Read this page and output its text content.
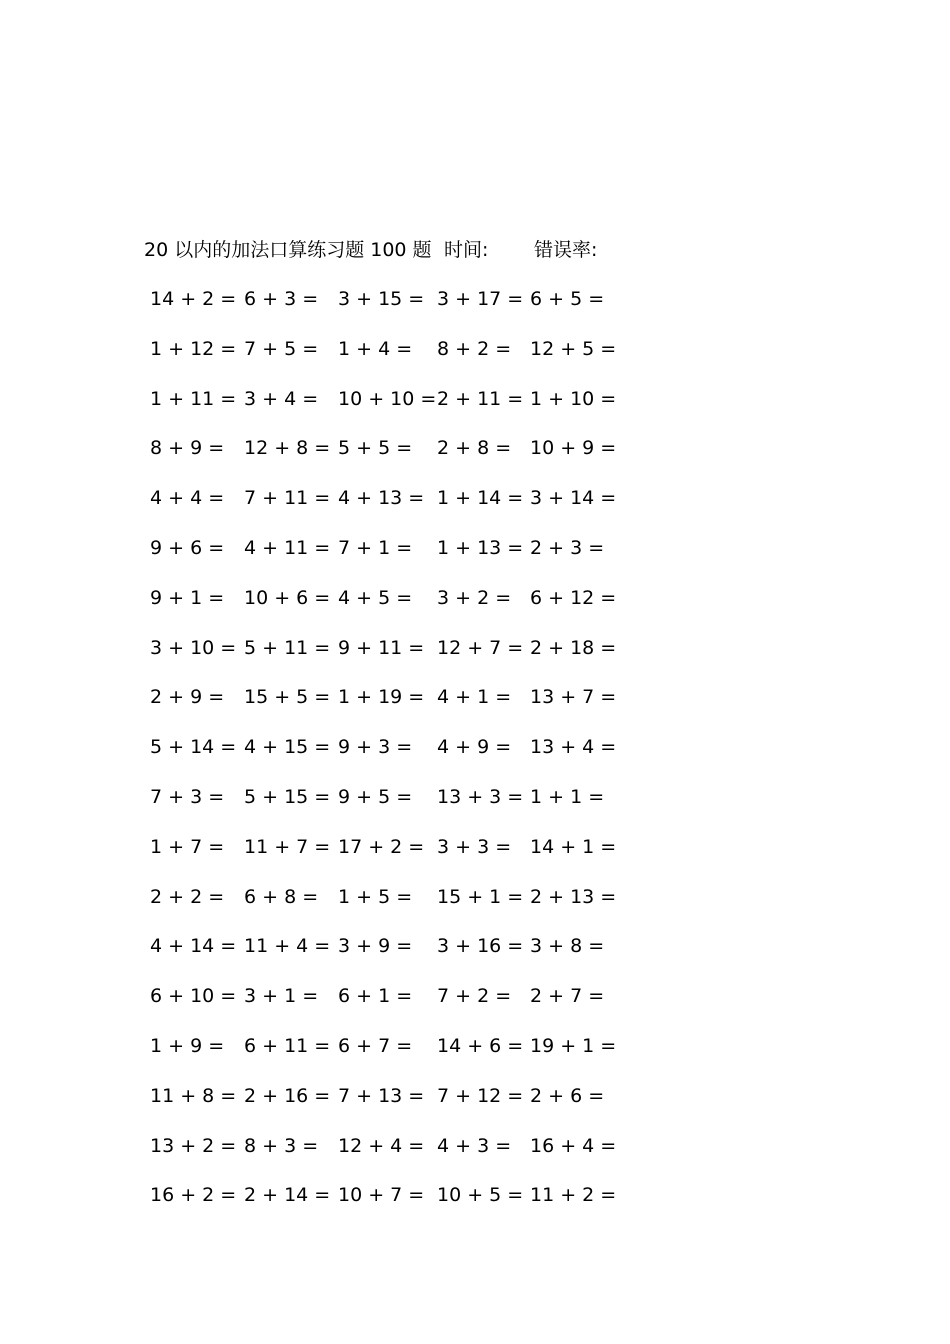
20 以内的加法口算练习题 100 题 时间: 错误率:
14 + 2 = 6 + 3 = 3 + 15 = 3 + 17 = 6 + 5 =
1 + 12 = 7 + 5 = 1 + 4 = 8 + 2 = 12 + 5 =
1 + 11 = 3 + 4 = 10 + 10 = 2 + 11 = 1 + 10 =
8 + 9 = 12 + 8 = 5 + 5 = 2 + 8 = 10 + 9 =
4 + 4 = 7 + 11 = 4 + 13 = 1 + 14 = 3 + 14 =
9 + 6 = 4 + 11 = 7 + 1 = 1 + 13 = 2 + 3 =
9 + 1 = 10 + 6 = 4 + 5 = 3 + 2 = 6 + 12 =
3 + 10 = 5 + 11 = 9 + 11 = 12 + 7 = 2 + 18 =
2 + 9 = 15 + 5 = 1 + 19 = 4 + 1 = 13 + 7 =
5 + 14 = 4 + 15 = 9 + 3 = 4 + 9 = 13 + 4 =
7 + 3 = 5 + 15 = 9 + 5 = 13 + 3 = 1 + 1 =
1 + 7 = 11 + 7 = 17 + 2 = 3 + 3 = 14 + 1 =
2 + 2 = 6 + 8 = 1 + 5 = 15 + 1 = 2 + 13 =
4 + 14 = 11 + 4 = 3 + 9 = 3 + 16 = 3 + 8 =
6 + 10 = 3 + 1 = 6 + 1 = 7 + 2 = 2 + 7 =
1 + 9 = 6 + 11 = 6 + 7 = 14 + 6 = 19 + 1 =
11 + 8 = 2 + 16 = 7 + 13 = 7 + 12 = 2 + 6 =
13 + 2 = 8 + 3 = 12 + 4 = 4 + 3 = 16 + 4 =
16 + 2 = 2 + 14 = 10 + 7 = 10 + 5 = 11 + 2 =
